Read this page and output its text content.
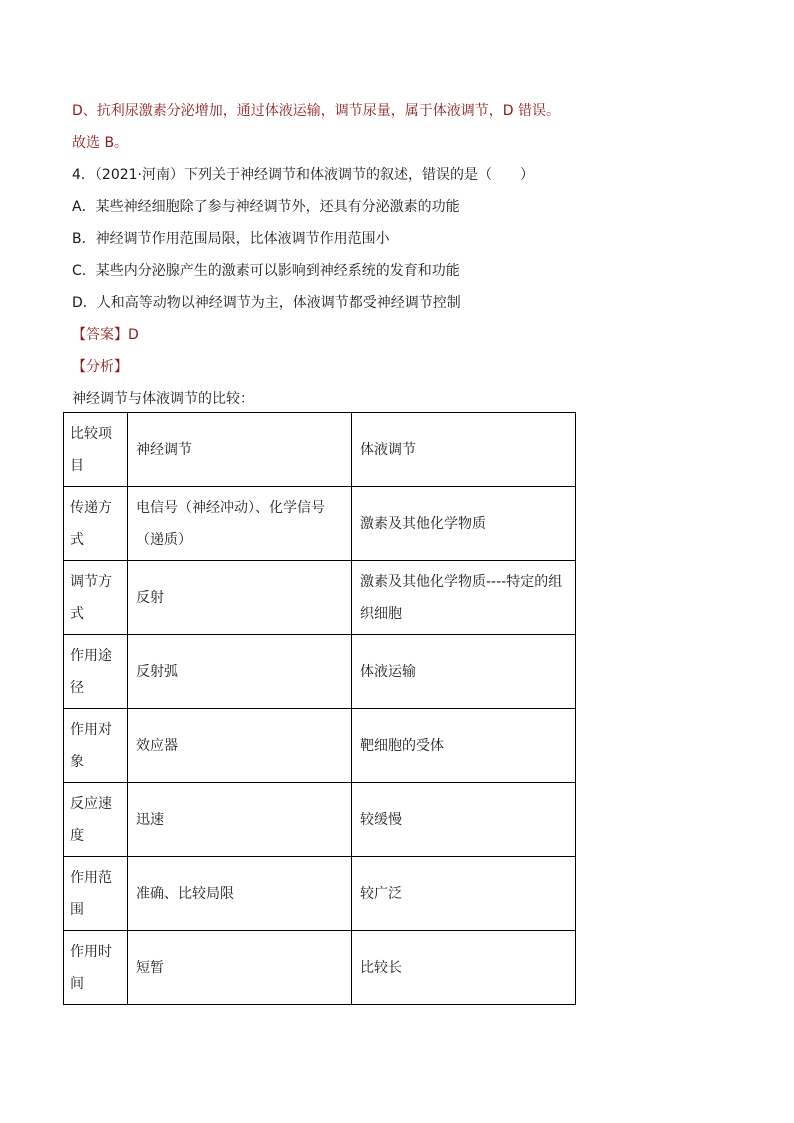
D、抗利尿激素分泌增加，通过体液运输，调节尿量，属于体液调节，D 错误。
故选 B。
4．（2021·河南）下列关于神经调节和体液调节的叙述，错误的是（　　）
A．某些神经细胞除了参与神经调节外，还具有分泌激素的功能
B．神经调节作用范围局限，比体液调节作用范围小
C．某些内分泌腺产生的激素可以影响到神经系统的发育和功能
D．人和高等动物以神经调节为主，体液调节都受神经调节控制
【答案】D
【分析】
神经调节与体液调节的比较：
比较项目	神经调节	体液调节
传递方式	电信号（神经冲动）、化学信号（递质）	激素及其他化学物质
调节方式	反射	激素及其他化学物质----特定的组织细胞
作用途径	反射弧	体液运输
作用对象	效应器	靶细胞的受体
反应速度	迅速	较缓慢
作用范围	准确、比较局限	较广泛
作用时间	短暂	比较长
